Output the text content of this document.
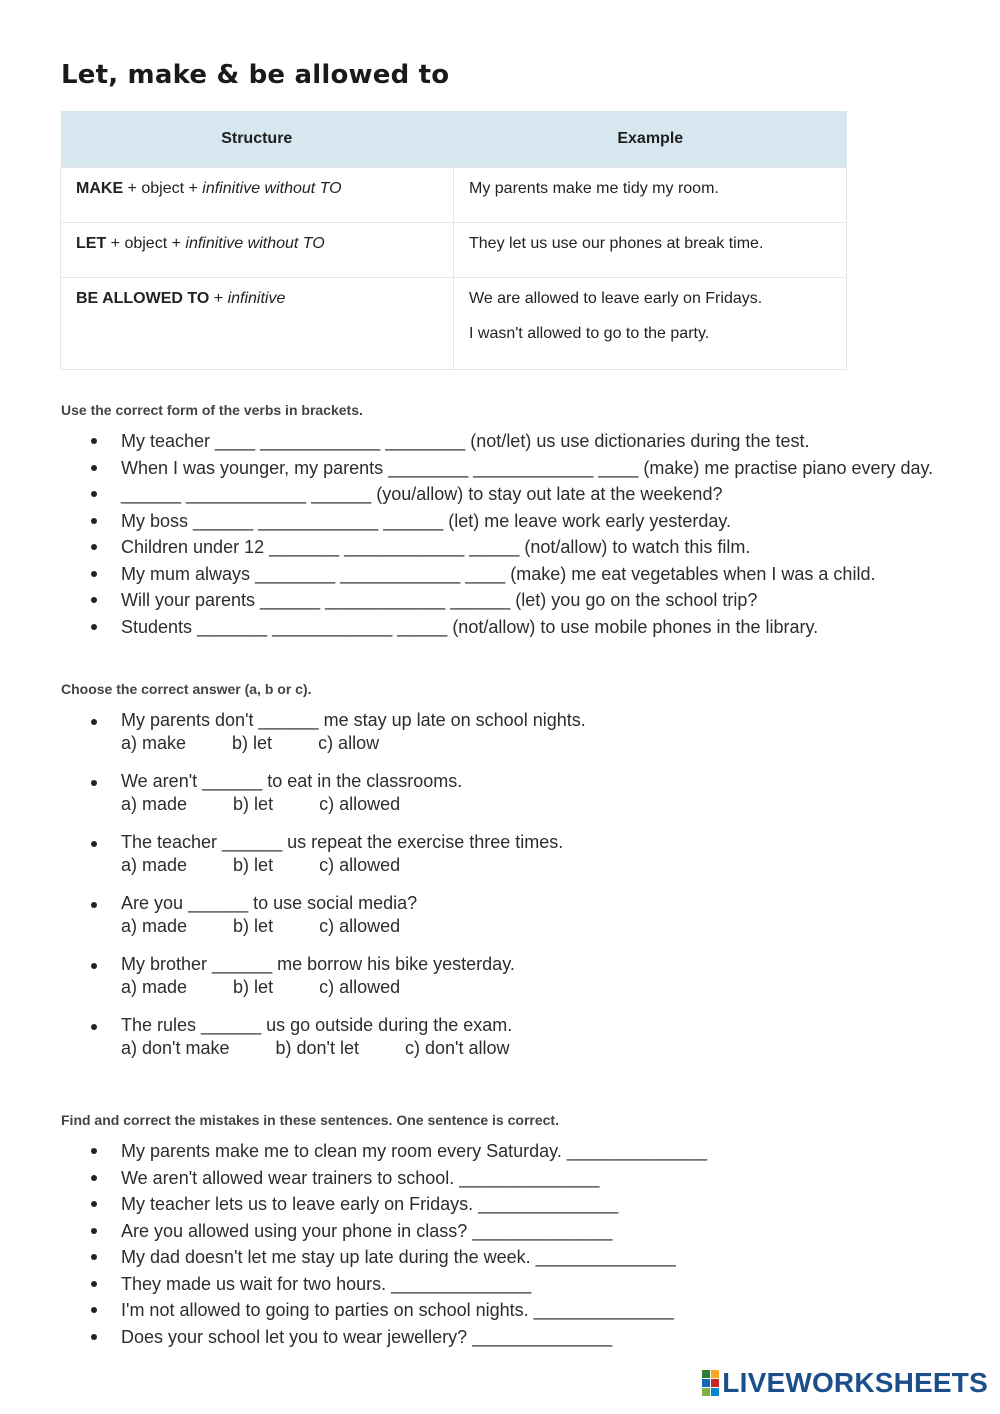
Let, make & be allowed to
Structure	Example
MAKE + object + infinitive without TO	My parents make me tidy my room.

LET + object + infinitive without TO	They let us use our phones at break time.

BE ALLOWED TO + infinitive	We are allowed to leave early on Fridays.
I wasn't allowed to go to the party.

Use the correct form of the verbs in brackets.

My teacher ____ ____________ ________ (not/let) us use dictionaries during the test.
When I was younger, my parents ________ ____________ ____ (make) me practise piano every day.
______ ____________ ______ (you/allow) to stay out late at the weekend?
My boss ______ ____________ ______ (let) me leave work early yesterday.
Children under 12 _______ ____________ _____ (not/allow) to watch this film.
My mum always ________ ____________ ____ (make) me eat vegetables when I was a child.
Will your parents ______ ____________ ______ (let) you go on the school trip?
Students _______ ____________ _____ (not/allow) to use mobile phones in the library.

Choose the correct answer (a, b or c).

My parents don't ______ me stay up late on school nights.
a) make	b) let	c) allow
We aren't ______ to eat in the classrooms.
a) made	b) let	c) allowed
The teacher ______ us repeat the exercise three times.
a) made	b) let	c) allowed
Are you ______ to use social media?
a) made	b) let	c) allowed
My brother ______ me borrow his bike yesterday.
a) made	b) let	c) allowed
The rules ______ us go outside during the exam.
a) don't make	b) don't let	c) don't allow

Find and correct the mistakes in these sentences. One sentence is correct.

My parents make me to clean my room every Saturday. ______________
We aren't allowed wear trainers to school. ______________
My teacher lets us to leave early on Fridays. ______________
Are you allowed using your phone in class? ______________
My dad doesn't let me stay up late during the week. ______________
They made us wait for two hours. ______________
I'm not allowed to going to parties on school nights. ______________
Does your school let you to wear jewellery? ______________
LIVEWORKSHEETS
